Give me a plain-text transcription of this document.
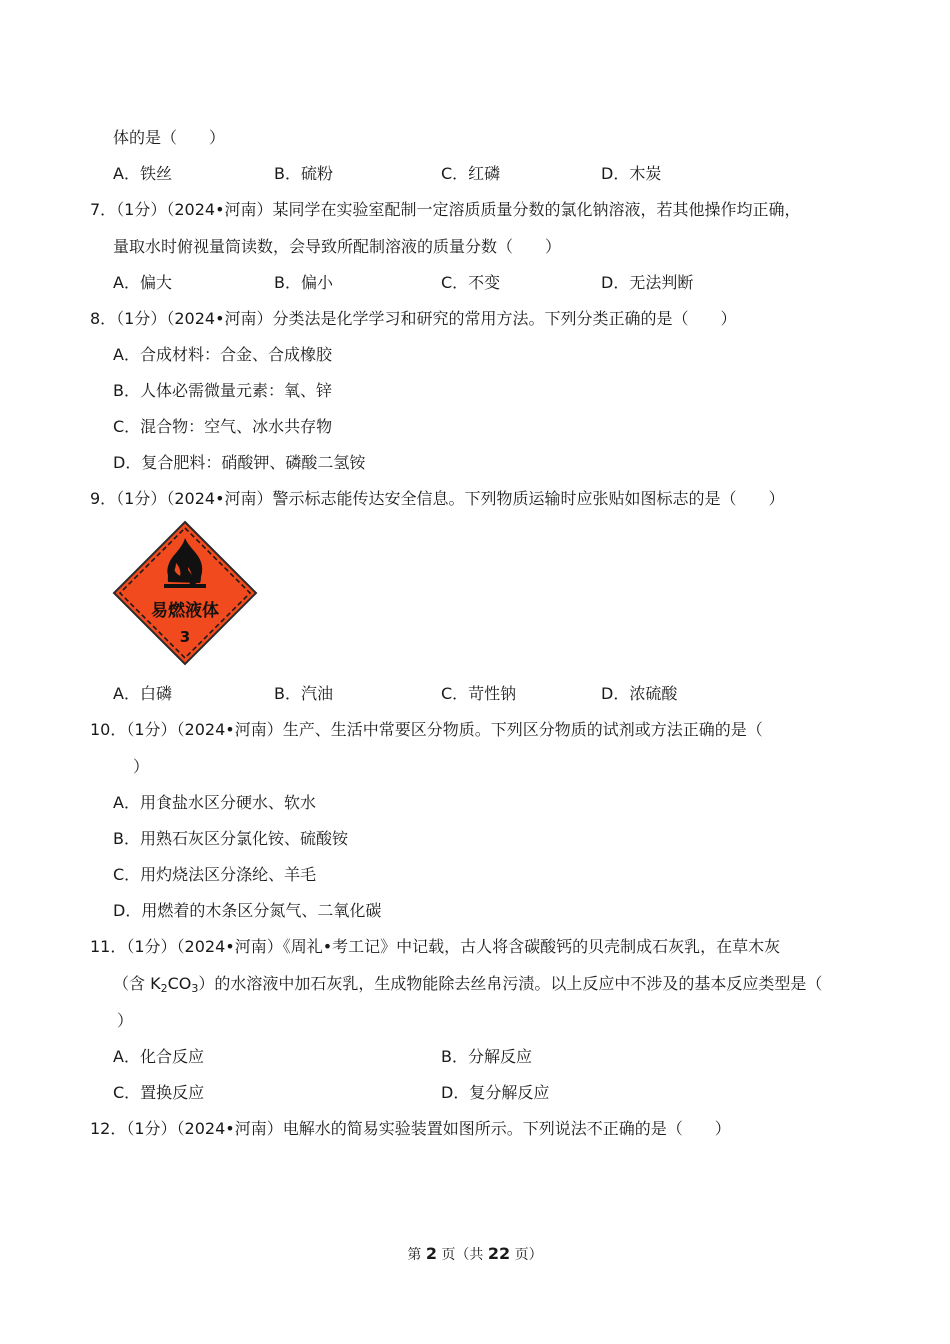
体的是（　　）
A．铁丝	B．硫粉	C．红磷	D．木炭
7．（1分）（2024•河南）某同学在实验室配制一定溶质质量分数的氯化钠溶液，若其他操作均正确，
量取水时俯视量筒读数，会导致所配制溶液的质量分数（　　）
A．偏大	B．偏小	C．不变	D．无法判断
8．（1分）（2024•河南）分类法是化学学习和研究的常用方法。下列分类正确的是（　　）
A．合成材料：合金、合成橡胶
B．人体必需微量元素：氧、锌
C．混合物：空气、冰水共存物
D．复合肥料：硝酸钾、磷酸二氢铵
9．（1分）（2024•河南）警示标志能传达安全信息。下列物质运输时应张贴如图标志的是（　　）
易燃液体
3
A．白磷	B．汽油	C．苛性钠	D．浓硫酸
10．（1分）（2024•河南）生产、生活中常要区分物质。下列区分物质的试剂或方法正确的是（
）
A．用食盐水区分硬水、软水
B．用熟石灰区分氯化铵、硫酸铵
C．用灼烧法区分涤纶、羊毛
D．用燃着的木条区分氮气、二氧化碳
11．（1分）（2024•河南）《周礼•考工记》中记载，古人将含碳酸钙的贝壳制成石灰乳，在草木灰
（含 $K_2CO_3$）的水溶液中加石灰乳，生成物能除去丝帛污渍。以上反应中不涉及的基本反应类型是（
）
A．化合反应	B．分解反应
C．置换反应	D．复分解反应
12．（1分）（2024•河南）电解水的简易实验装置如图所示。下列说法不正确的是（　　）
第 2 页（共 22 页）
